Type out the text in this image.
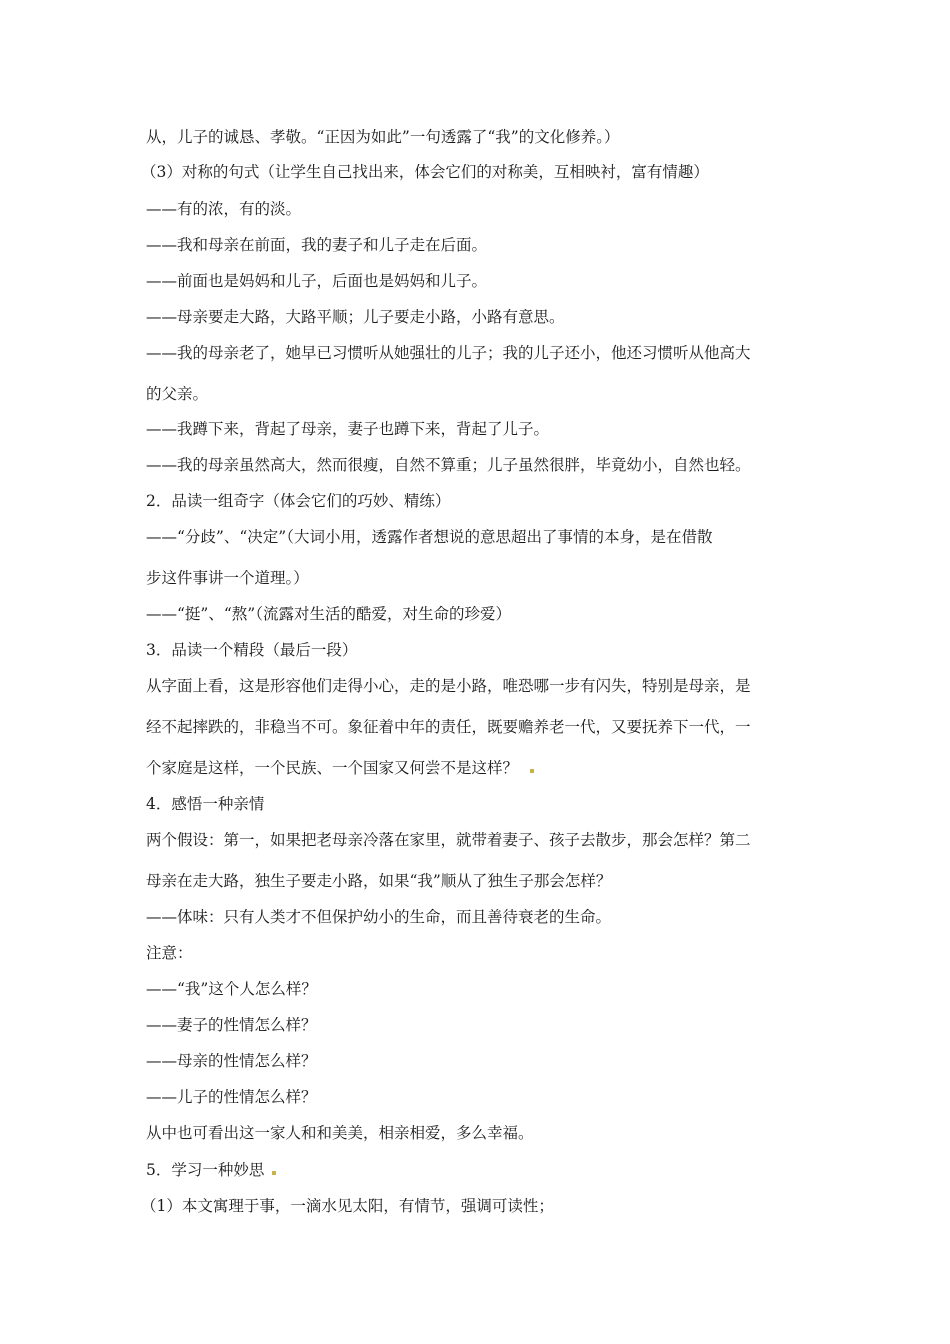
从，儿子的诚恳、孝敬。“正因为如此”一句透露了“我”的文化修养。）
（3）对称的句式（让学生自己找出来，体会它们的对称美，互相映衬，富有情趣）
——有的浓，有的淡。
——我和母亲在前面，我的妻子和儿子走在后面。
——前面也是妈妈和儿子，后面也是妈妈和儿子。
——母亲要走大路，大路平顺；儿子要走小路，小路有意思。
——我的母亲老了，她早已习惯听从她强壮的儿子；我的儿子还小，他还习惯听从他高大
的父亲。
——我蹲下来，背起了母亲，妻子也蹲下来，背起了儿子。
——我的母亲虽然高大，然而很瘦，自然不算重；儿子虽然很胖，毕竟幼小，自然也轻。
2．品读一组奇字（体会它们的巧妙、精练）
——“分歧”、“决定”（大词小用，透露作者想说的意思超出了事情的本身，是在借散
步这件事讲一个道理。）
——“挺”、“熬”（流露对生活的酷爱，对生命的珍爱）
3．品读一个精段（最后一段）
从字面上看，这是形容他们走得小心，走的是小路，唯恐哪一步有闪失，特别是母亲，是
经不起摔跌的，非稳当不可。象征着中年的责任，既要赡养老一代，又要抚养下一代，一
个家庭是这样，一个民族、一个国家又何尝不是这样？
4．感悟一种亲情
两个假设：第一，如果把老母亲冷落在家里，就带着妻子、孩子去散步，那会怎样？第二
母亲在走大路，独生子要走小路，如果“我”顺从了独生子那会怎样？
——体味：只有人类才不但保护幼小的生命，而且善待衰老的生命。
注意：
——“我”这个人怎么样？
——妻子的性情怎么样？
——母亲的性情怎么样？
——儿子的性情怎么样？
从中也可看出这一家人和和美美，相亲相爱，多么幸福。
5．学习一种妙思
（1）本文寓理于事，一滴水见太阳，有情节，强调可读性；
